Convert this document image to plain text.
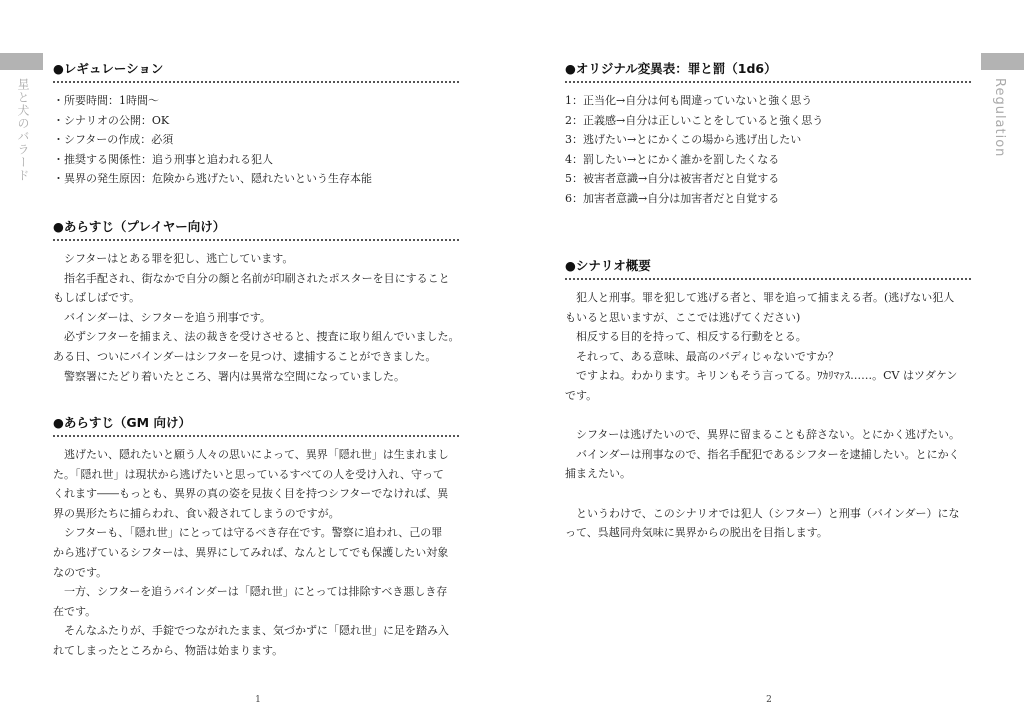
星と犬のバラード
●レギュレーション

・所要時間：1時間〜

・シナリオの公開：OK

・シフターの作成：必須

・推奨する関係性：追う刑事と追われる犯人

・異界の発生原因：危険から逃げたい、隠れたいという生存本能

●あらすじ（プレイヤー向け）

シフターはとある罪を犯し、逃亡しています。

指名手配され、街なかで自分の顔と名前が印刷されたポスターを目にすること

もしばしばです。

バインダーは、シフターを追う刑事です。

必ずシフターを捕まえ、法の裁きを受けさせると、捜査に取り組んでいました。

ある日、ついにバインダーはシフターを見つけ、逮捕することができました。

警察署にたどり着いたところ、署内は異常な空間になっていました。

●あらすじ（GM 向け）

逃げたい、隠れたいと願う人々の思いによって、異界「隠れ世」は生まれまし

た。「隠れ世」は現状から逃げたいと思っているすべての人を受け入れ、守って

くれます――もっとも、異界の真の姿を見抜く目を持つシフターでなければ、異

界の異形たちに捕らわれ、食い殺されてしまうのですが。

シフターも、「隠れ世」にとっては守るべき存在です。警察に追われ、己の罪

から逃げているシフターは、異界にしてみれば、なんとしてでも保護したい対象

なのです。

一方、シフターを追うバインダーは「隠れ世」にとっては排除すべき悪しき存

在です。

そんなふたりが、手錠でつながれたまま、気づかずに「隠れ世」に足を踏み入

れてしまったところから、物語は始まります。

1
Regulation
●オリジナル変異表：罪と罰（1d6）

1：正当化→自分は何も間違っていないと強く思う

2：正義感→自分は正しいことをしていると強く思う

3：逃げたい→とにかくこの場から逃げ出したい

4：罰したい→とにかく誰かを罰したくなる

5：被害者意識→自分は被害者だと自覚する

6：加害者意識→自分は加害者だと自覚する

●シナリオ概要

犯人と刑事。罪を犯して逃げる者と、罪を追って捕まえる者。(逃げない犯人

もいると思いますが、ここでは逃げてください)

相反する目的を持って、相反する行動をとる。

それって、ある意味、最高のバディじゃないですか？

ですよね。わかります。キリンもそう言ってる。ﾜｶﾘﾏｧｽ……。CV はツダケン

です。

シフターは逃げたいので、異界に留まることも辞さない。とにかく逃げたい。

バインダーは刑事なので、指名手配犯であるシフターを逮捕したい。とにかく

捕まえたい。

というわけで、このシナリオでは犯人（シフター）と刑事（バインダー）にな

って、呉越同舟気味に異界からの脱出を目指します。

2
